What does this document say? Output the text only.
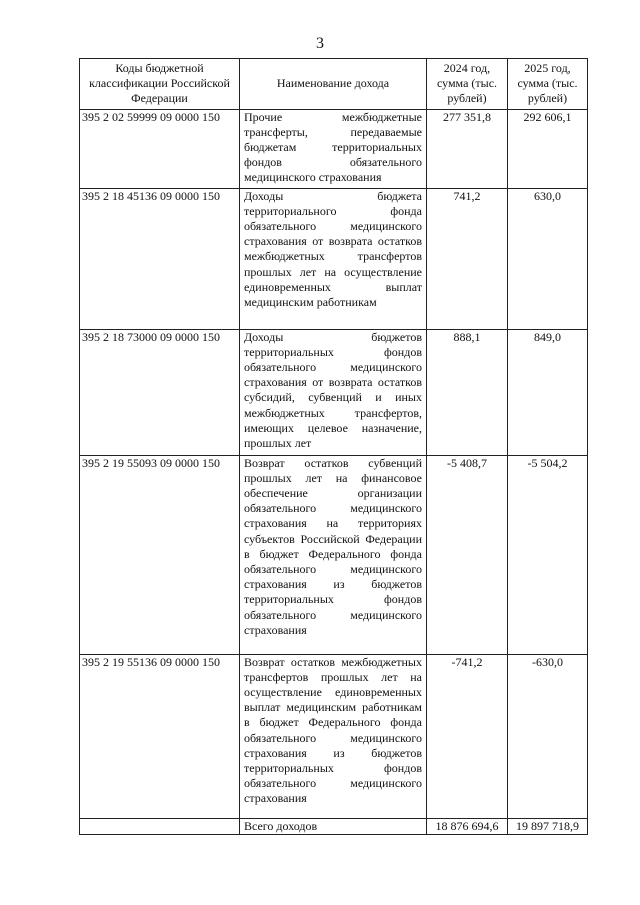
3
Коды бюджетной классификации Российской Федерации	Наименование дохода	2024 год, сумма (тыс. рублей)	2025 год, сумма (тыс. рублей)
395 2 02 59999 09 0000 150	Прочие межбюджетные трансферты, передаваемые бюджетам территориальных фондов обязательного медицинского страхования	277 351,8	292 606,1
395 2 18 45136 09 0000 150	Доходы бюджета территориального фонда обязательного медицинского страхования от возврата остатков межбюджетных трансфертов прошлых лет на осуществление единовременных выплат медицинским работникам	741,2	630,0
395 2 18 73000 09 0000 150	Доходы бюджетов территориальных фондов обязательного медицинского страхования от возврата остатков субсидий, субвенций и иных межбюджетных трансфертов, имеющих целевое назначение, прошлых лет	888,1	849,0
395 2 19 55093 09 0000 150	Возврат остатков субвенций прошлых лет на финансовое обеспечение организации обязательного медицинского страхования на территориях субъектов Российской Федерации в бюджет Федерального фонда обязательного медицинского страхования из бюджетов территориальных фондов обязательного медицинского страхования	-5 408,7	-5 504,2
395 2 19 55136 09 0000 150	Возврат остатков межбюджетных трансфертов прошлых лет на осуществление единовременных выплат медицинским работникам в бюджет Федерального фонда обязательного медицинского страхования из бюджетов территориальных фондов обязательного медицинского страхования	-741,2	-630,0
	Всего доходов	18 876 694,6	19 897 718,9
